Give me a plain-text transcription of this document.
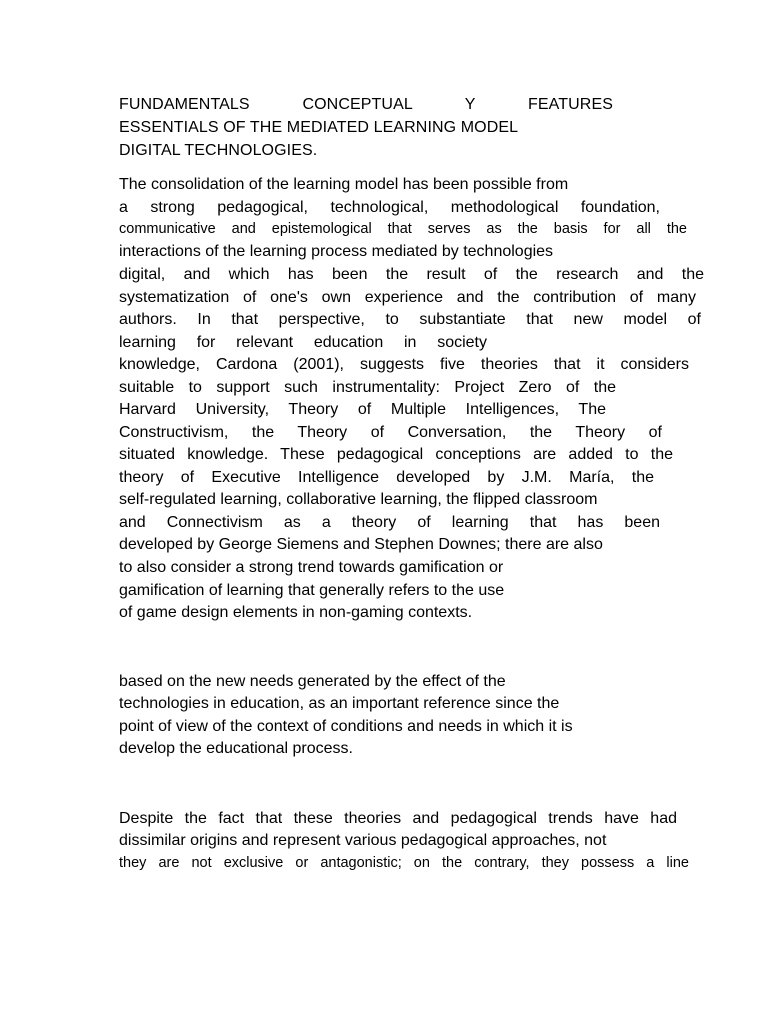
FUNDAMENTALS CONCEPTUAL Y FEATURES

ESSENTIALS OF THE MEDIATED LEARNING MODEL

DIGITAL TECHNOLOGIES.

The consolidation of the learning model has been possible from

a strong pedagogical, technological, methodological foundation,

communicative and epistemological that serves as the basis for all the

interactions of the learning process mediated by technologies

digital, and which has been the result of the research and the

systematization of one's own experience and the contribution of many

authors. In that perspective, to substantiate that new model of

learning for relevant education in society

knowledge, Cardona (2001), suggests five theories that it considers

suitable to support such instrumentality: Project Zero of the

Harvard University, Theory of Multiple Intelligences, The

Constructivism, the Theory of Conversation, the Theory of

situated knowledge. These pedagogical conceptions are added to the

theory of Executive Intelligence developed by J.M. María, the

self-regulated learning, collaborative learning, the flipped classroom

and Connectivism as a theory of learning that has been

developed by George Siemens and Stephen Downes; there are also

to also consider a strong trend towards gamification or

gamification of learning that generally refers to the use

of game design elements in non-gaming contexts.

based on the new needs generated by the effect of the

technologies in education, as an important reference since the

point of view of the context of conditions and needs in which it is

develop the educational process.

Despite the fact that these theories and pedagogical trends have had

dissimilar origins and represent various pedagogical approaches, not

they are not exclusive or antagonistic; on the contrary, they possess a line
